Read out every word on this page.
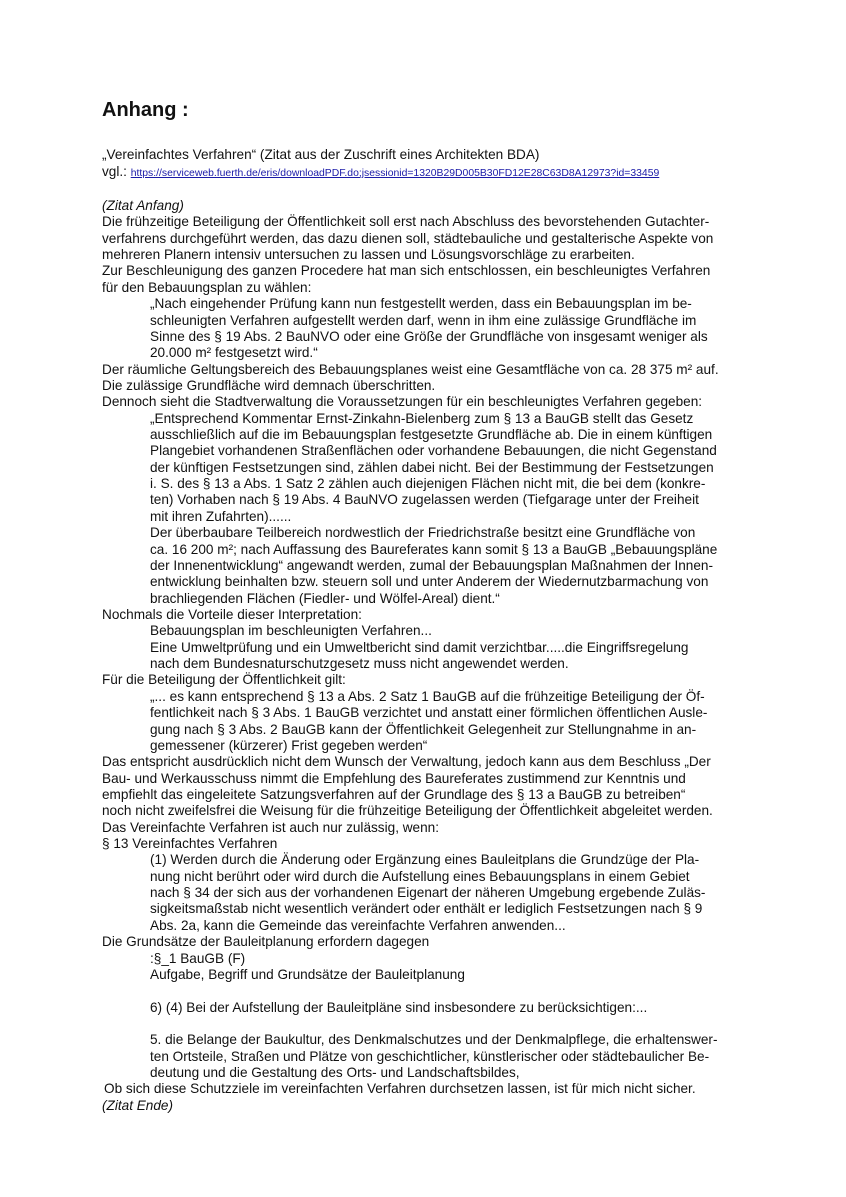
Anhang :
„Vereinfachtes Verfahren“ (Zitat aus der Zuschrift eines Architekten BDA)
vgl.: https://serviceweb.fuerth.de/eris/downloadPDF.do;jsessionid=1320B29D005B30FD12E28C63D8A12973?id=33459
(Zitat Anfang)
Die frühzeitige Beteiligung der Öffentlichkeit soll erst nach Abschluss des bevorstehenden Gutachter-
verfahrens durchgeführt werden, das dazu dienen soll, städtebauliche und gestalterische Aspekte von
mehreren Planern intensiv untersuchen zu lassen und Lösungsvorschläge zu erarbeiten.
Zur Beschleunigung des ganzen Procedere hat man sich entschlossen, ein beschleunigtes Verfahren
für den Bebauungsplan zu wählen:
„Nach eingehender Prüfung kann nun festgestellt werden, dass ein Bebauungsplan im be-
schleunigten Verfahren aufgestellt werden darf, wenn in ihm eine zulässige Grundfläche im
Sinne des § 19 Abs. 2 BauNVO oder eine Größe der Grundfläche von insgesamt weniger als
20.000 m² festgesetzt wird.“
Der räumliche Geltungsbereich des Bebauungsplanes weist eine Gesamtfläche von ca. 28 375 m² auf.
Die zulässige Grundfläche wird demnach überschritten.
Dennoch sieht die Stadtverwaltung die Voraussetzungen für ein beschleunigtes Verfahren gegeben:
„Entsprechend Kommentar Ernst-Zinkahn-Bielenberg zum § 13 a BauGB stellt das Gesetz
ausschließlich auf die im Bebauungsplan festgesetzte Grundfläche ab. Die in einem künftigen
Plangebiet vorhandenen Straßenflächen oder vorhandene Bebauungen, die nicht Gegenstand
der künftigen Festsetzungen sind, zählen dabei nicht. Bei der Bestimmung der Festsetzungen
i. S. des § 13 a Abs. 1 Satz 2 zählen auch diejenigen Flächen nicht mit, die bei dem (konkre-
ten) Vorhaben nach § 19 Abs. 4 BauNVO zugelassen werden (Tiefgarage unter der Freiheit
mit ihren Zufahrten)......
Der überbaubare Teilbereich nordwestlich der Friedrichstraße besitzt eine Grundfläche von
ca. 16 200 m²; nach Auffassung des Baureferates kann somit § 13 a BauGB „Bebauungspläne
der Innenentwicklung“ angewandt werden, zumal der Bebauungsplan Maßnahmen der Innen-
entwicklung beinhalten bzw. steuern soll und unter Anderem der Wiedernutzbarmachung von
brachliegenden Flächen (Fiedler- und Wölfel-Areal) dient.“
Nochmals die Vorteile dieser Interpretation:
Bebauungsplan im beschleunigten Verfahren...
Eine Umweltprüfung und ein Umweltbericht sind damit verzichtbar.....die Eingriffsregelung
nach dem Bundesnaturschutzgesetz muss nicht angewendet werden.
Für die Beteiligung der Öffentlichkeit gilt:
„... es kann entsprechend § 13 a Abs. 2 Satz 1 BauGB auf die frühzeitige Beteiligung der Öf-
fentlichkeit nach § 3 Abs. 1 BauGB verzichtet und anstatt einer förmlichen öffentlichen Ausle-
gung nach § 3 Abs. 2 BauGB kann der Öffentlichkeit Gelegenheit zur Stellungnahme in an-
gemessener (kürzerer) Frist gegeben werden“
Das entspricht ausdrücklich nicht dem Wunsch der Verwaltung, jedoch kann aus dem Beschluss „Der
Bau- und Werkausschuss nimmt die Empfehlung des Baureferates zustimmend zur Kenntnis und
empfiehlt das eingeleitete Satzungsverfahren auf der Grundlage des § 13 a BauGB zu betreiben“
noch nicht zweifelsfrei die Weisung für die frühzeitige Beteiligung der Öffentlichkeit abgeleitet werden.
Das Vereinfachte Verfahren ist auch nur zulässig, wenn:
§ 13 Vereinfachtes Verfahren
(1) Werden durch die Änderung oder Ergänzung eines Bauleitplans die Grundzüge der Pla-
nung nicht berührt oder wird durch die Aufstellung eines Bebauungsplans in einem Gebiet
nach § 34 der sich aus der vorhandenen Eigenart der näheren Umgebung ergebende Zuläs-
sigkeitsmaßstab nicht wesentlich verändert oder enthält er lediglich Festsetzungen nach § 9
Abs. 2a, kann die Gemeinde das vereinfachte Verfahren anwenden...
Die Grundsätze der Bauleitplanung erfordern dagegen
:§_1 BauGB (F)
Aufgabe, Begriff und Grundsätze der Bauleitplanung
6) (4) Bei der Aufstellung der Bauleitpläne sind insbesondere zu berücksichtigen:...
5. die Belange der Baukultur, des Denkmalschutzes und der Denkmalpflege, die erhaltenswer-
ten Ortsteile, Straßen und Plätze von geschichtlicher, künstlerischer oder städtebaulicher Be-
deutung und die Gestaltung des Orts- und Landschaftsbildes,
Ob sich diese Schutzziele im vereinfachten Verfahren durchsetzen lassen, ist für mich nicht sicher.
(Zitat Ende)
